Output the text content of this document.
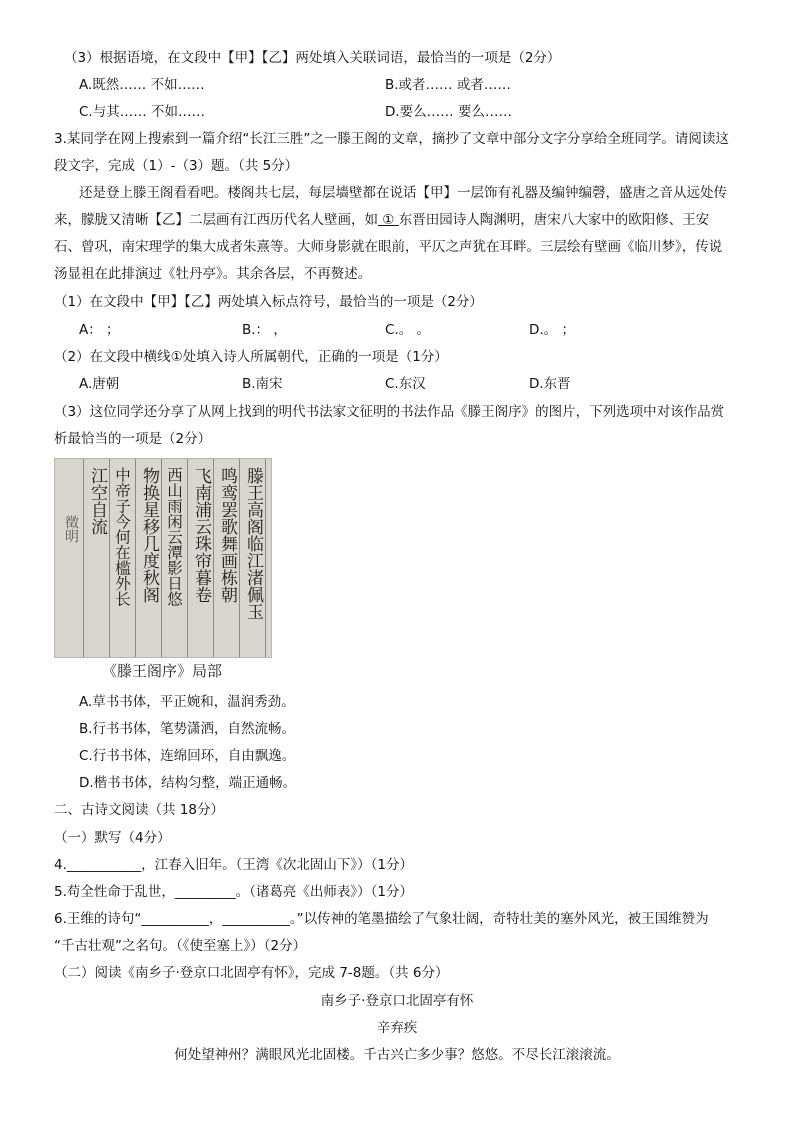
（3）根据语境，在文段中【甲】【乙】两处填入关联词语，最恰当的一项是（2分）
A.既然…… 不如……	B.或者…… 或者……
C.与其…… 不如……	D.要么…… 要么……
3.某同学在网上搜索到一篇介绍“长江三胜”之一滕王阁的文章，摘抄了文章中部分文字分享给全班同学。请阅读这
段文字，完成（1）-（3）题。（共 5分）
还是登上滕王阁看看吧。楼阁共七层，每层墙壁都在说话【甲】一层饰有礼器及编钟编磬，盛唐之音从远处传
来，朦胧又清晰【乙】二层画有江西历代名人壁画，如 ① 东晋田园诗人陶渊明，唐宋八大家中的欧阳修、王安
石、曾巩，南宋理学的集大成者朱熹等。大师身影就在眼前，平仄之声犹在耳畔。三层绘有壁画《临川梦》，传说
汤显祖在此排演过《牡丹亭》。其余各层，不再赘述。
（1）在文段中【甲】【乙】两处填入标点符号，最恰当的一项是（2分）
A： ；	B.： ，	C.。 。	D.。 ；
（2）在文段中横线①处填入诗人所属朝代，正确的一项是（1分）
A.唐朝	B.南宋	C.东汉	D.东晋
（3）这位同学还分享了从网上找到的明代书法家文征明的书法作品《滕王阁序》的图片，下列选项中对该作品赏
析最恰当的一项是（2分）
滕王高阁临江渚佩玉
鸣鸾罢歌舞画栋朝
飞南浦云珠帘暮卷
西山雨闲云潭影日悠
物换星移几度秋阁
中帝子今何在槛外长
江空自流
徵明
《滕王阁序》局部
A.草书书体，平正婉和，温润秀劲。
B.行书书体，笔势潇洒，自然流畅。
C.行书书体，连绵回环，自由飘逸。
D.楷书书体，结构匀整，端正通畅。
二、古诗文阅读（共 18分）
（一）默写（4分）
4.___________，江春入旧年。（王湾《次北固山下》）（1分）
5.苟全性命于乱世，_________。（诸葛亮《出师表》）（1分）
6.王维的诗句“__________，__________。”以传神的笔墨描绘了气象壮阔，奇特壮美的塞外风光，被王国维赞为
“千古壮观”之名句。（《使至塞上》）（2分）
（二）阅读《南乡子·登京口北固亭有怀》，完成 7-8题。（共 6分）
南乡子·登京口北固亭有怀
辛弃疾
何处望神州？满眼风光北固楼。千古兴亡多少事？悠悠。不尽长江滚滚流。
